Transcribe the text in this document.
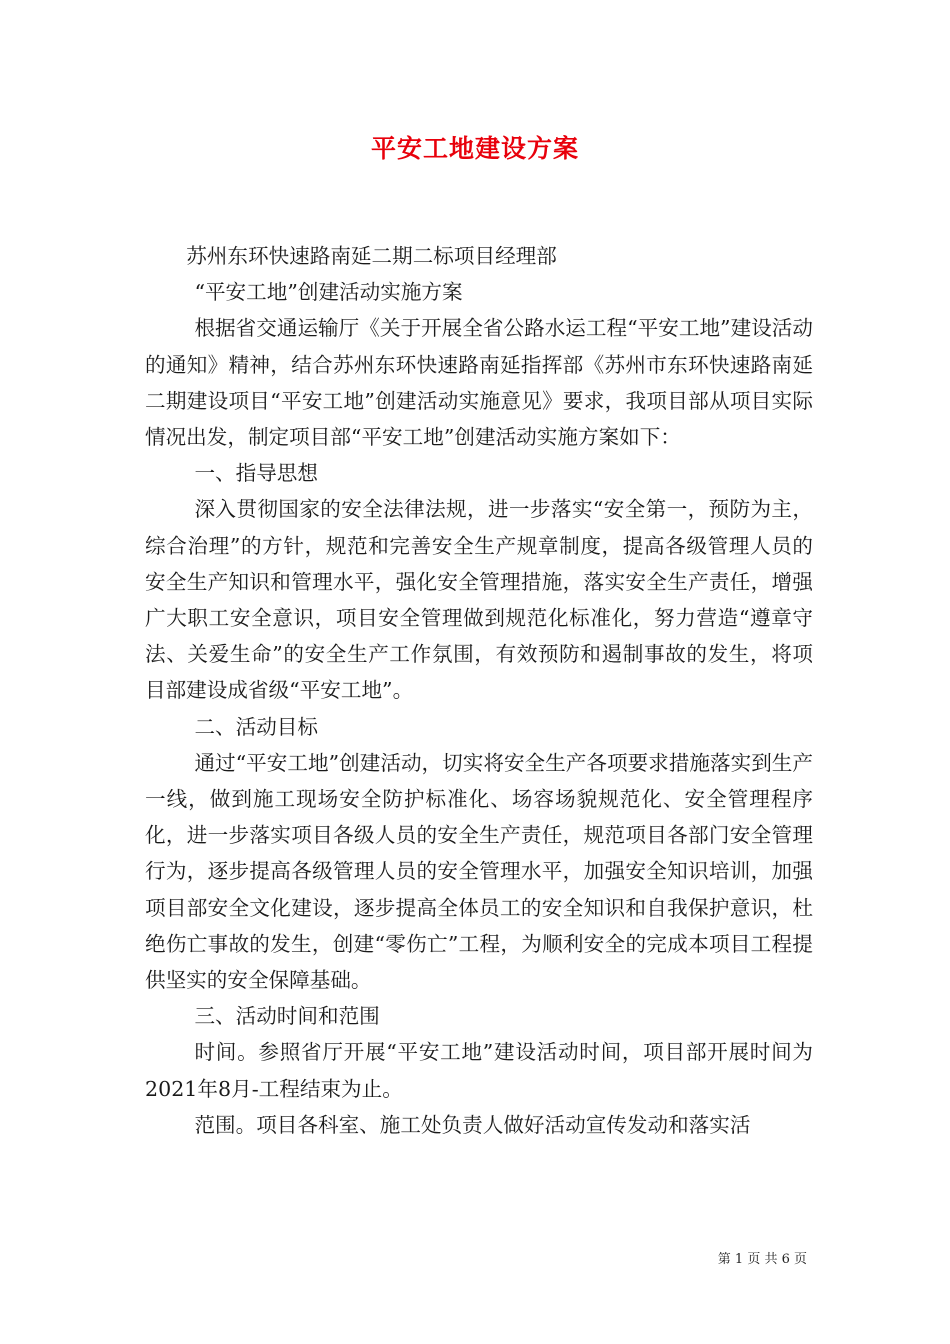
平安工地建设方案

苏州东环快速路南延二期二标项目经理部

“平安工地”创建活动实施方案

根据省交通运输厅《关于开展全省公路水运工程“平安工地”建设活动的通知》精神，结合苏州东环快速路南延指挥部《苏州市东环快速路南延二期建设项目“平安工地”创建活动实施意见》要求，我项目部从项目实际情况出发，制定项目部“平安工地”创建活动实施方案如下：

一、指导思想

深入贯彻国家的安全法律法规，进一步落实“安全第一，预防为主，综合治理”的方针，规范和完善安全生产规章制度，提高各级管理人员的安全生产知识和管理水平，强化安全管理措施，落实安全生产责任，增强广大职工安全意识，项目安全管理做到规范化标准化，努力营造“遵章守法、关爱生命”的安全生产工作氛围，有效预防和遏制事故的发生，将项目部建设成省级“平安工地”。

二、活动目标

通过“平安工地”创建活动，切实将安全生产各项要求措施落实到生产一线，做到施工现场安全防护标准化、场容场貌规范化、安全管理程序化，进一步落实项目各级人员的安全生产责任，规范项目各部门安全管理行为，逐步提高各级管理人员的安全管理水平，加强安全知识培训，加强项目部安全文化建设，逐步提高全体员工的安全知识和自我保护意识，杜绝伤亡事故的发生，创建“零伤亡”工程，为顺利安全的完成本项目工程提供坚实的安全保障基础。

三、活动时间和范围

时间。参照省厅开展“平安工地”建设活动时间，项目部开展时间为2021年8月-工程结束为止。

范围。项目各科室、施工处负责人做好活动宣传发动和落实活

第 1 页 共 6 页
